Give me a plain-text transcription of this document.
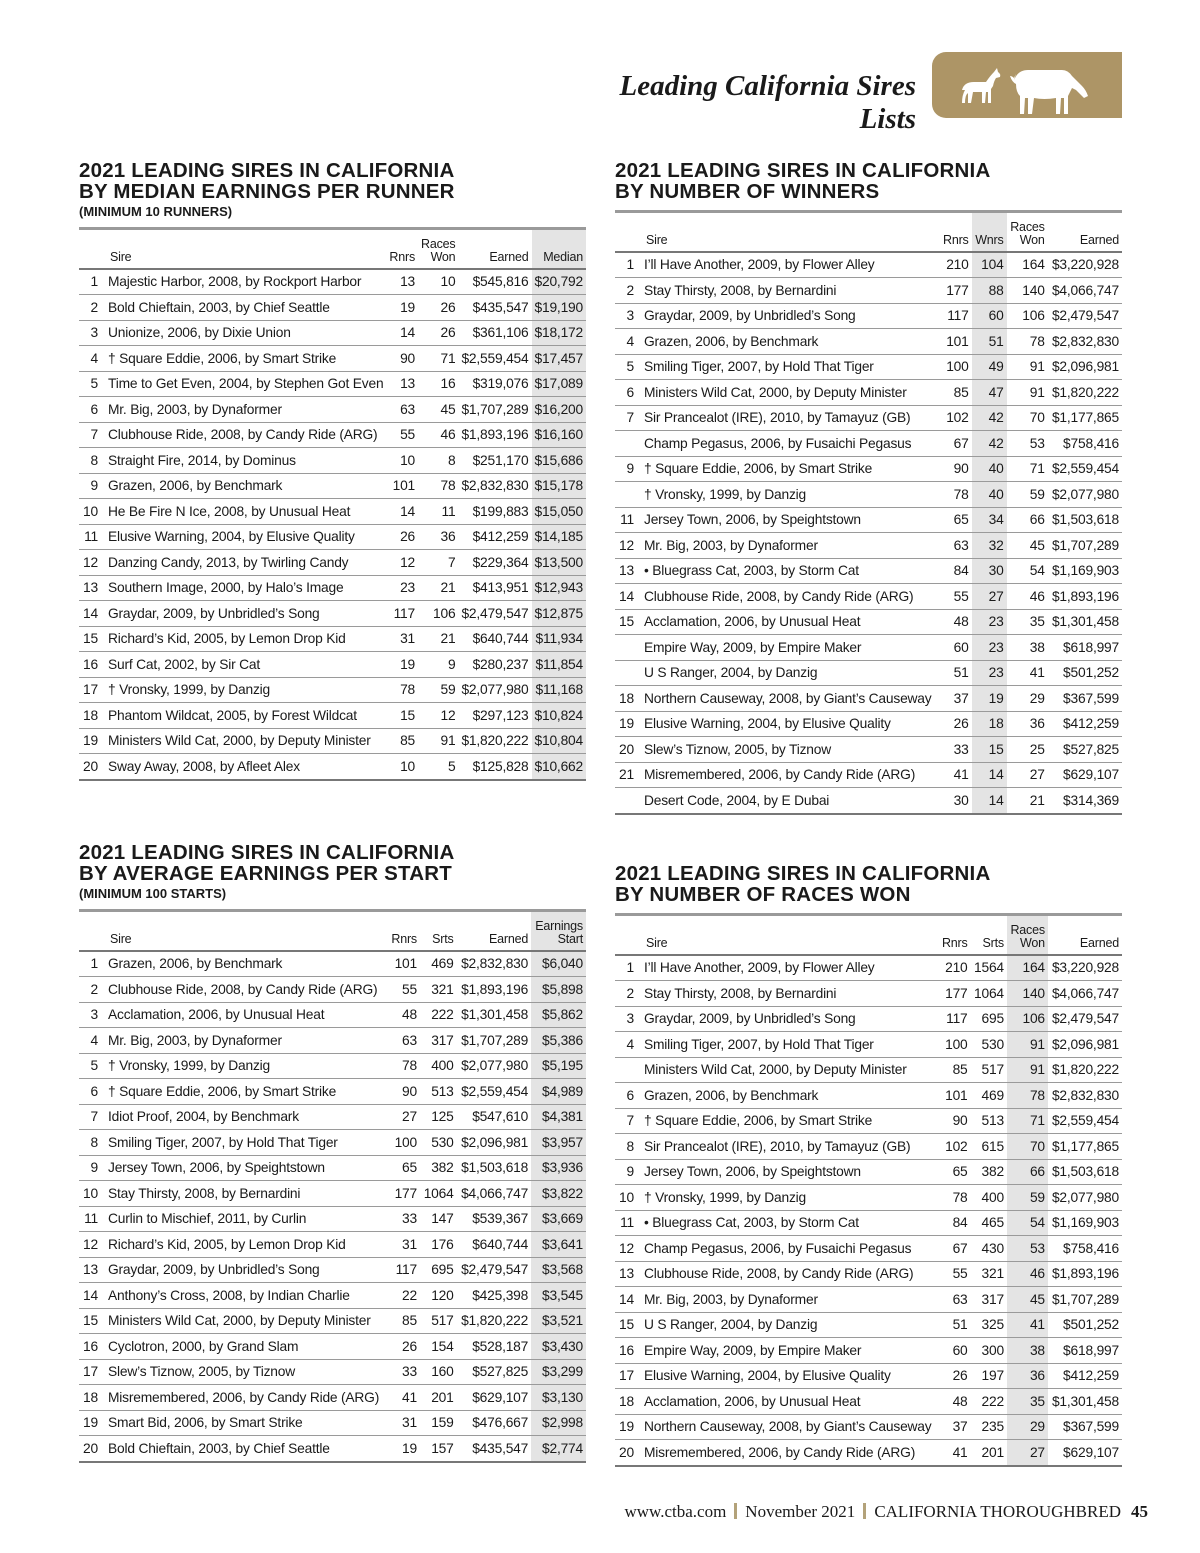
Leading California Sires Lists
2021 LEADING SIRES IN CALIFORNIA
BY MEDIAN EARNINGS PER RUNNER
(MINIMUM 10 RUNNERS)
	Sire	Rnrs	Races
Won	Earned	Median
1	Majestic Harbor, 2008, by Rockport Harbor	13	10	$545,816	$20,792
2	Bold Chieftain, 2003, by Chief Seattle	19	26	$435,547	$19,190
3	Unionize, 2006, by Dixie Union	14	26	$361,106	$18,172
4	† Square Eddie, 2006, by Smart Strike	90	71	$2,559,454	$17,457
5	Time to Get Even, 2004, by Stephen Got Even	13	16	$319,076	$17,089
6	Mr. Big, 2003, by Dynaformer	63	45	$1,707,289	$16,200
7	Clubhouse Ride, 2008, by Candy Ride (ARG)	55	46	$1,893,196	$16,160
8	Straight Fire, 2014, by Dominus	10	8	$251,170	$15,686
9	Grazen, 2006, by Benchmark	101	78	$2,832,830	$15,178
10	He Be Fire N Ice, 2008, by Unusual Heat	14	11	$199,883	$15,050
11	Elusive Warning, 2004, by Elusive Quality	26	36	$412,259	$14,185
12	Danzing Candy, 2013, by Twirling Candy	12	7	$229,364	$13,500
13	Southern Image, 2000, by Halo’s Image	23	21	$413,951	$12,943
14	Graydar, 2009, by Unbridled’s Song	117	106	$2,479,547	$12,875
15	Richard’s Kid, 2005, by Lemon Drop Kid	31	21	$640,744	$11,934
16	Surf Cat, 2002, by Sir Cat	19	9	$280,237	$11,854
17	† Vronsky, 1999, by Danzig	78	59	$2,077,980	$11,168
18	Phantom Wildcat, 2005, by Forest Wildcat	15	12	$297,123	$10,824
19	Ministers Wild Cat, 2000, by Deputy Minister	85	91	$1,820,222	$10,804
20	Sway Away, 2008, by Afleet Alex	10	5	$125,828	$10,662
2021 LEADING SIRES IN CALIFORNIA
BY NUMBER OF WINNERS
	Sire	Rnrs	Wnrs	Races
Won	Earned
1	I’ll Have Another, 2009, by Flower Alley	210	104	164	$3,220,928
2	Stay Thirsty, 2008, by Bernardini	177	88	140	$4,066,747
3	Graydar, 2009, by Unbridled’s Song	117	60	106	$2,479,547
4	Grazen, 2006, by Benchmark	101	51	78	$2,832,830
5	Smiling Tiger, 2007, by Hold That Tiger	100	49	91	$2,096,981
6	Ministers Wild Cat, 2000, by Deputy Minister	85	47	91	$1,820,222
7	Sir Prancealot (IRE), 2010, by Tamayuz (GB)	102	42	70	$1,177,865
	Champ Pegasus, 2006, by Fusaichi Pegasus	67	42	53	$758,416
9	† Square Eddie, 2006, by Smart Strike	90	40	71	$2,559,454
	† Vronsky, 1999, by Danzig	78	40	59	$2,077,980
11	Jersey Town, 2006, by Speightstown	65	34	66	$1,503,618
12	Mr. Big, 2003, by Dynaformer	63	32	45	$1,707,289
13	• Bluegrass Cat, 2003, by Storm Cat	84	30	54	$1,169,903
14	Clubhouse Ride, 2008, by Candy Ride (ARG)	55	27	46	$1,893,196
15	Acclamation, 2006, by Unusual Heat	48	23	35	$1,301,458
	Empire Way, 2009, by Empire Maker	60	23	38	$618,997
	U S Ranger, 2004, by Danzig	51	23	41	$501,252
18	Northern Causeway, 2008, by Giant’s Causeway	37	19	29	$367,599
19	Elusive Warning, 2004, by Elusive Quality	26	18	36	$412,259
20	Slew’s Tiznow, 2005, by Tiznow	33	15	25	$527,825
21	Misremembered, 2006, by Candy Ride (ARG)	41	14	27	$629,107
	Desert Code, 2004, by E Dubai	30	14	21	$314,369
2021 LEADING SIRES IN CALIFORNIA
BY AVERAGE EARNINGS PER START
(MINIMUM 100 STARTS)
	Sire	Rnrs	Srts	Earned	Earnings
Start
1	Grazen, 2006, by Benchmark	101	469	$2,832,830	$6,040
2	Clubhouse Ride, 2008, by Candy Ride (ARG)	55	321	$1,893,196	$5,898
3	Acclamation, 2006, by Unusual Heat	48	222	$1,301,458	$5,862
4	Mr. Big, 2003, by Dynaformer	63	317	$1,707,289	$5,386
5	† Vronsky, 1999, by Danzig	78	400	$2,077,980	$5,195
6	† Square Eddie, 2006, by Smart Strike	90	513	$2,559,454	$4,989
7	Idiot Proof, 2004, by Benchmark	27	125	$547,610	$4,381
8	Smiling Tiger, 2007, by Hold That Tiger	100	530	$2,096,981	$3,957
9	Jersey Town, 2006, by Speightstown	65	382	$1,503,618	$3,936
10	Stay Thirsty, 2008, by Bernardini	177	1064	$4,066,747	$3,822
11	Curlin to Mischief, 2011, by Curlin	33	147	$539,367	$3,669
12	Richard’s Kid, 2005, by Lemon Drop Kid	31	176	$640,744	$3,641
13	Graydar, 2009, by Unbridled’s Song	117	695	$2,479,547	$3,568
14	Anthony’s Cross, 2008, by Indian Charlie	22	120	$425,398	$3,545
15	Ministers Wild Cat, 2000, by Deputy Minister	85	517	$1,820,222	$3,521
16	Cyclotron, 2000, by Grand Slam	26	154	$528,187	$3,430
17	Slew’s Tiznow, 2005, by Tiznow	33	160	$527,825	$3,299
18	Misremembered, 2006, by Candy Ride (ARG)	41	201	$629,107	$3,130
19	Smart Bid, 2006, by Smart Strike	31	159	$476,667	$2,998
20	Bold Chieftain, 2003, by Chief Seattle	19	157	$435,547	$2,774
2021 LEADING SIRES IN CALIFORNIA
BY NUMBER OF RACES WON
	Sire	Rnrs	Srts	Races
Won	Earned
1	I’ll Have Another, 2009, by Flower Alley	210	1564	164	$3,220,928
2	Stay Thirsty, 2008, by Bernardini	177	1064	140	$4,066,747
3	Graydar, 2009, by Unbridled’s Song	117	695	106	$2,479,547
4	Smiling Tiger, 2007, by Hold That Tiger	100	530	91	$2,096,981
	Ministers Wild Cat, 2000, by Deputy Minister	85	517	91	$1,820,222
6	Grazen, 2006, by Benchmark	101	469	78	$2,832,830
7	† Square Eddie, 2006, by Smart Strike	90	513	71	$2,559,454
8	Sir Prancealot (IRE), 2010, by Tamayuz (GB)	102	615	70	$1,177,865
9	Jersey Town, 2006, by Speightstown	65	382	66	$1,503,618
10	† Vronsky, 1999, by Danzig	78	400	59	$2,077,980
11	• Bluegrass Cat, 2003, by Storm Cat	84	465	54	$1,169,903
12	Champ Pegasus, 2006, by Fusaichi Pegasus	67	430	53	$758,416
13	Clubhouse Ride, 2008, by Candy Ride (ARG)	55	321	46	$1,893,196
14	Mr. Big, 2003, by Dynaformer	63	317	45	$1,707,289
15	U S Ranger, 2004, by Danzig	51	325	41	$501,252
16	Empire Way, 2009, by Empire Maker	60	300	38	$618,997
17	Elusive Warning, 2004, by Elusive Quality	26	197	36	$412,259
18	Acclamation, 2006, by Unusual Heat	48	222	35	$1,301,458
19	Northern Causeway, 2008, by Giant’s Causeway	37	235	29	$367,599
20	Misremembered, 2006, by Candy Ride (ARG)	41	201	27	$629,107
www.ctba.com November 2021 CALIFORNIA THOROUGHBRED 45
